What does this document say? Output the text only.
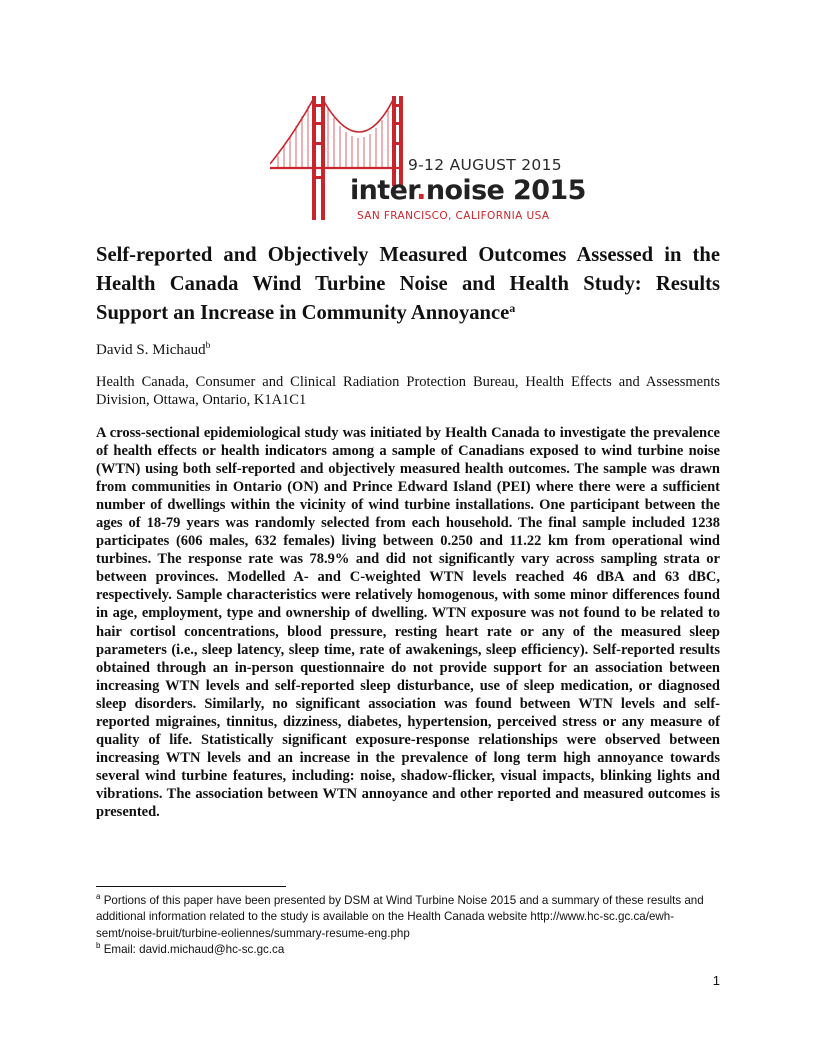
9-12 AUGUST 2015
inter.noise 2015
SAN FRANCISCO, CALIFORNIA USA
Self-reported and Objectively Measured Outcomes Assessed in the Health Canada Wind Turbine Noise and Health Study: Results Support an Increase in Community Annoyance$^a$

David S. Michaud$^b$

Health Canada, Consumer and Clinical Radiation Protection Bureau, Health Effects and Assessments Division, Ottawa, Ontario, K1A1C1

A cross-sectional epidemiological study was initiated by Health Canada to investigate the prevalence of health effects or health indicators among a sample of Canadians exposed to wind turbine noise (WTN) using both self-reported and objectively measured health outcomes. The sample was drawn from communities in Ontario (ON) and Prince Edward Island (PEI) where there were a sufficient number of dwellings within the vicinity of wind turbine installations. One participant between the ages of 18-79 years was randomly selected from each household. The final sample included 1238 participates (606 males, 632 females) living between 0.250 and 11.22 km from operational wind turbines. The response rate was 78.9% and did not significantly vary across sampling strata or between provinces. Modelled A- and C-weighted WTN levels reached 46 dBA and 63 dBC, respectively. Sample characteristics were relatively homogenous, with some minor differences found in age, employment, type and ownership of dwelling. WTN exposure was not found to be related to hair cortisol concentrations, blood pressure, resting heart rate or any of the measured sleep parameters (i.e., sleep latency, sleep time, rate of awakenings, sleep efficiency). Self-reported results obtained through an in-person questionnaire do not provide support for an association between increasing WTN levels and self-reported sleep disturbance, use of sleep medication, or diagnosed sleep disorders. Similarly, no significant association was found between WTN levels and self-reported migraines, tinnitus, dizziness, diabetes, hypertension, perceived stress or any measure of quality of life. Statistically significant exposure-response relationships were observed between increasing WTN levels and an increase in the prevalence of long term high annoyance towards several wind turbine features, including: noise, shadow-flicker, visual impacts, blinking lights and vibrations. The association between WTN annoyance and other reported and measured outcomes is presented.

$^a$ Portions of this paper have been presented by DSM at Wind Turbine Noise 2015 and a summary of these results and additional information related to the study is available on the Health Canada website http://www.hc-sc.gc.ca/ewh-semt/noise-bruit/turbine-eoliennes/summary-resume-eng.php

$^b$ Email: david.michaud@hc-sc.gc.ca

1
